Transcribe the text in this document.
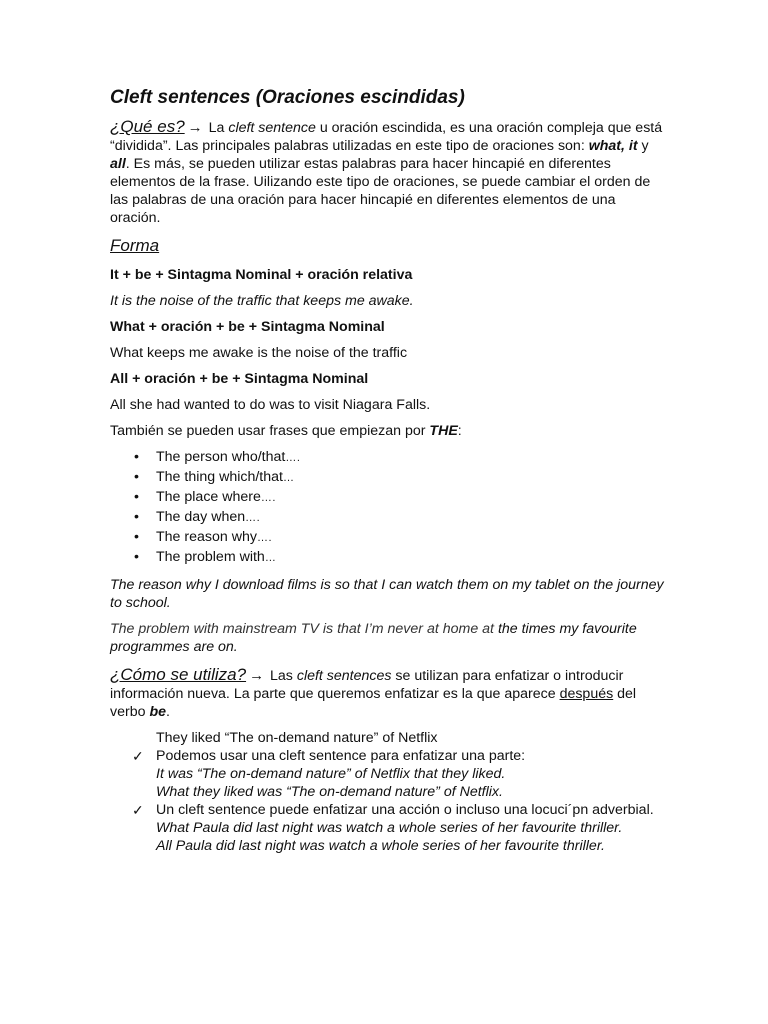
Cleft sentences (Oraciones escindidas)

¿Qué es? → La cleft sentence u oración escindida, es una oración compleja que está “dividida”. Las principales palabras utilizadas en este tipo de oraciones son: what, it y all. Es más, se pueden utilizar estas palabras para hacer hincapié en diferentes elementos de la frase. Uilizando este tipo de oraciones, se puede cambiar el orden de las palabras de una oración para hacer hincapié en diferentes elementos de una oración.

Forma

It + be + Sintagma Nominal + oración relativa

It is the noise of the traffic that keeps me awake.

What + oración + be + Sintagma Nominal

What keeps me awake is the noise of the traffic

All + oración + be + Sintagma Nominal

All she had wanted to do was to visit Niagara Falls.

También se pueden usar frases que empiezan por THE:

• The person who/that….
• The thing which/that…
• The place where….
• The day when….
• The reason why….
• The problem with…

The reason why I download films is so that I can watch them on my tablet on the journey to school.

The problem with mainstream TV is that I’m never at home at the times my favourite programmes are on.

¿Cómo se utiliza? → Las cleft sentences se utilizan para enfatizar o introducir información nueva. La parte que queremos enfatizar es la que aparece después del verbo be.

They liked “The on-demand nature” of Netflix
✓ Podemos usar una cleft sentence para enfatizar una parte:
It was “The on-demand nature” of Netflix that they liked.
What they liked was “The on-demand nature” of Netflix.
✓ Un cleft sentence puede enfatizar una acción o incluso una locuci´pn adverbial.
What Paula did last night was watch a whole series of her favourite thriller.
All Paula did last night was watch a whole series of her favourite thriller.
